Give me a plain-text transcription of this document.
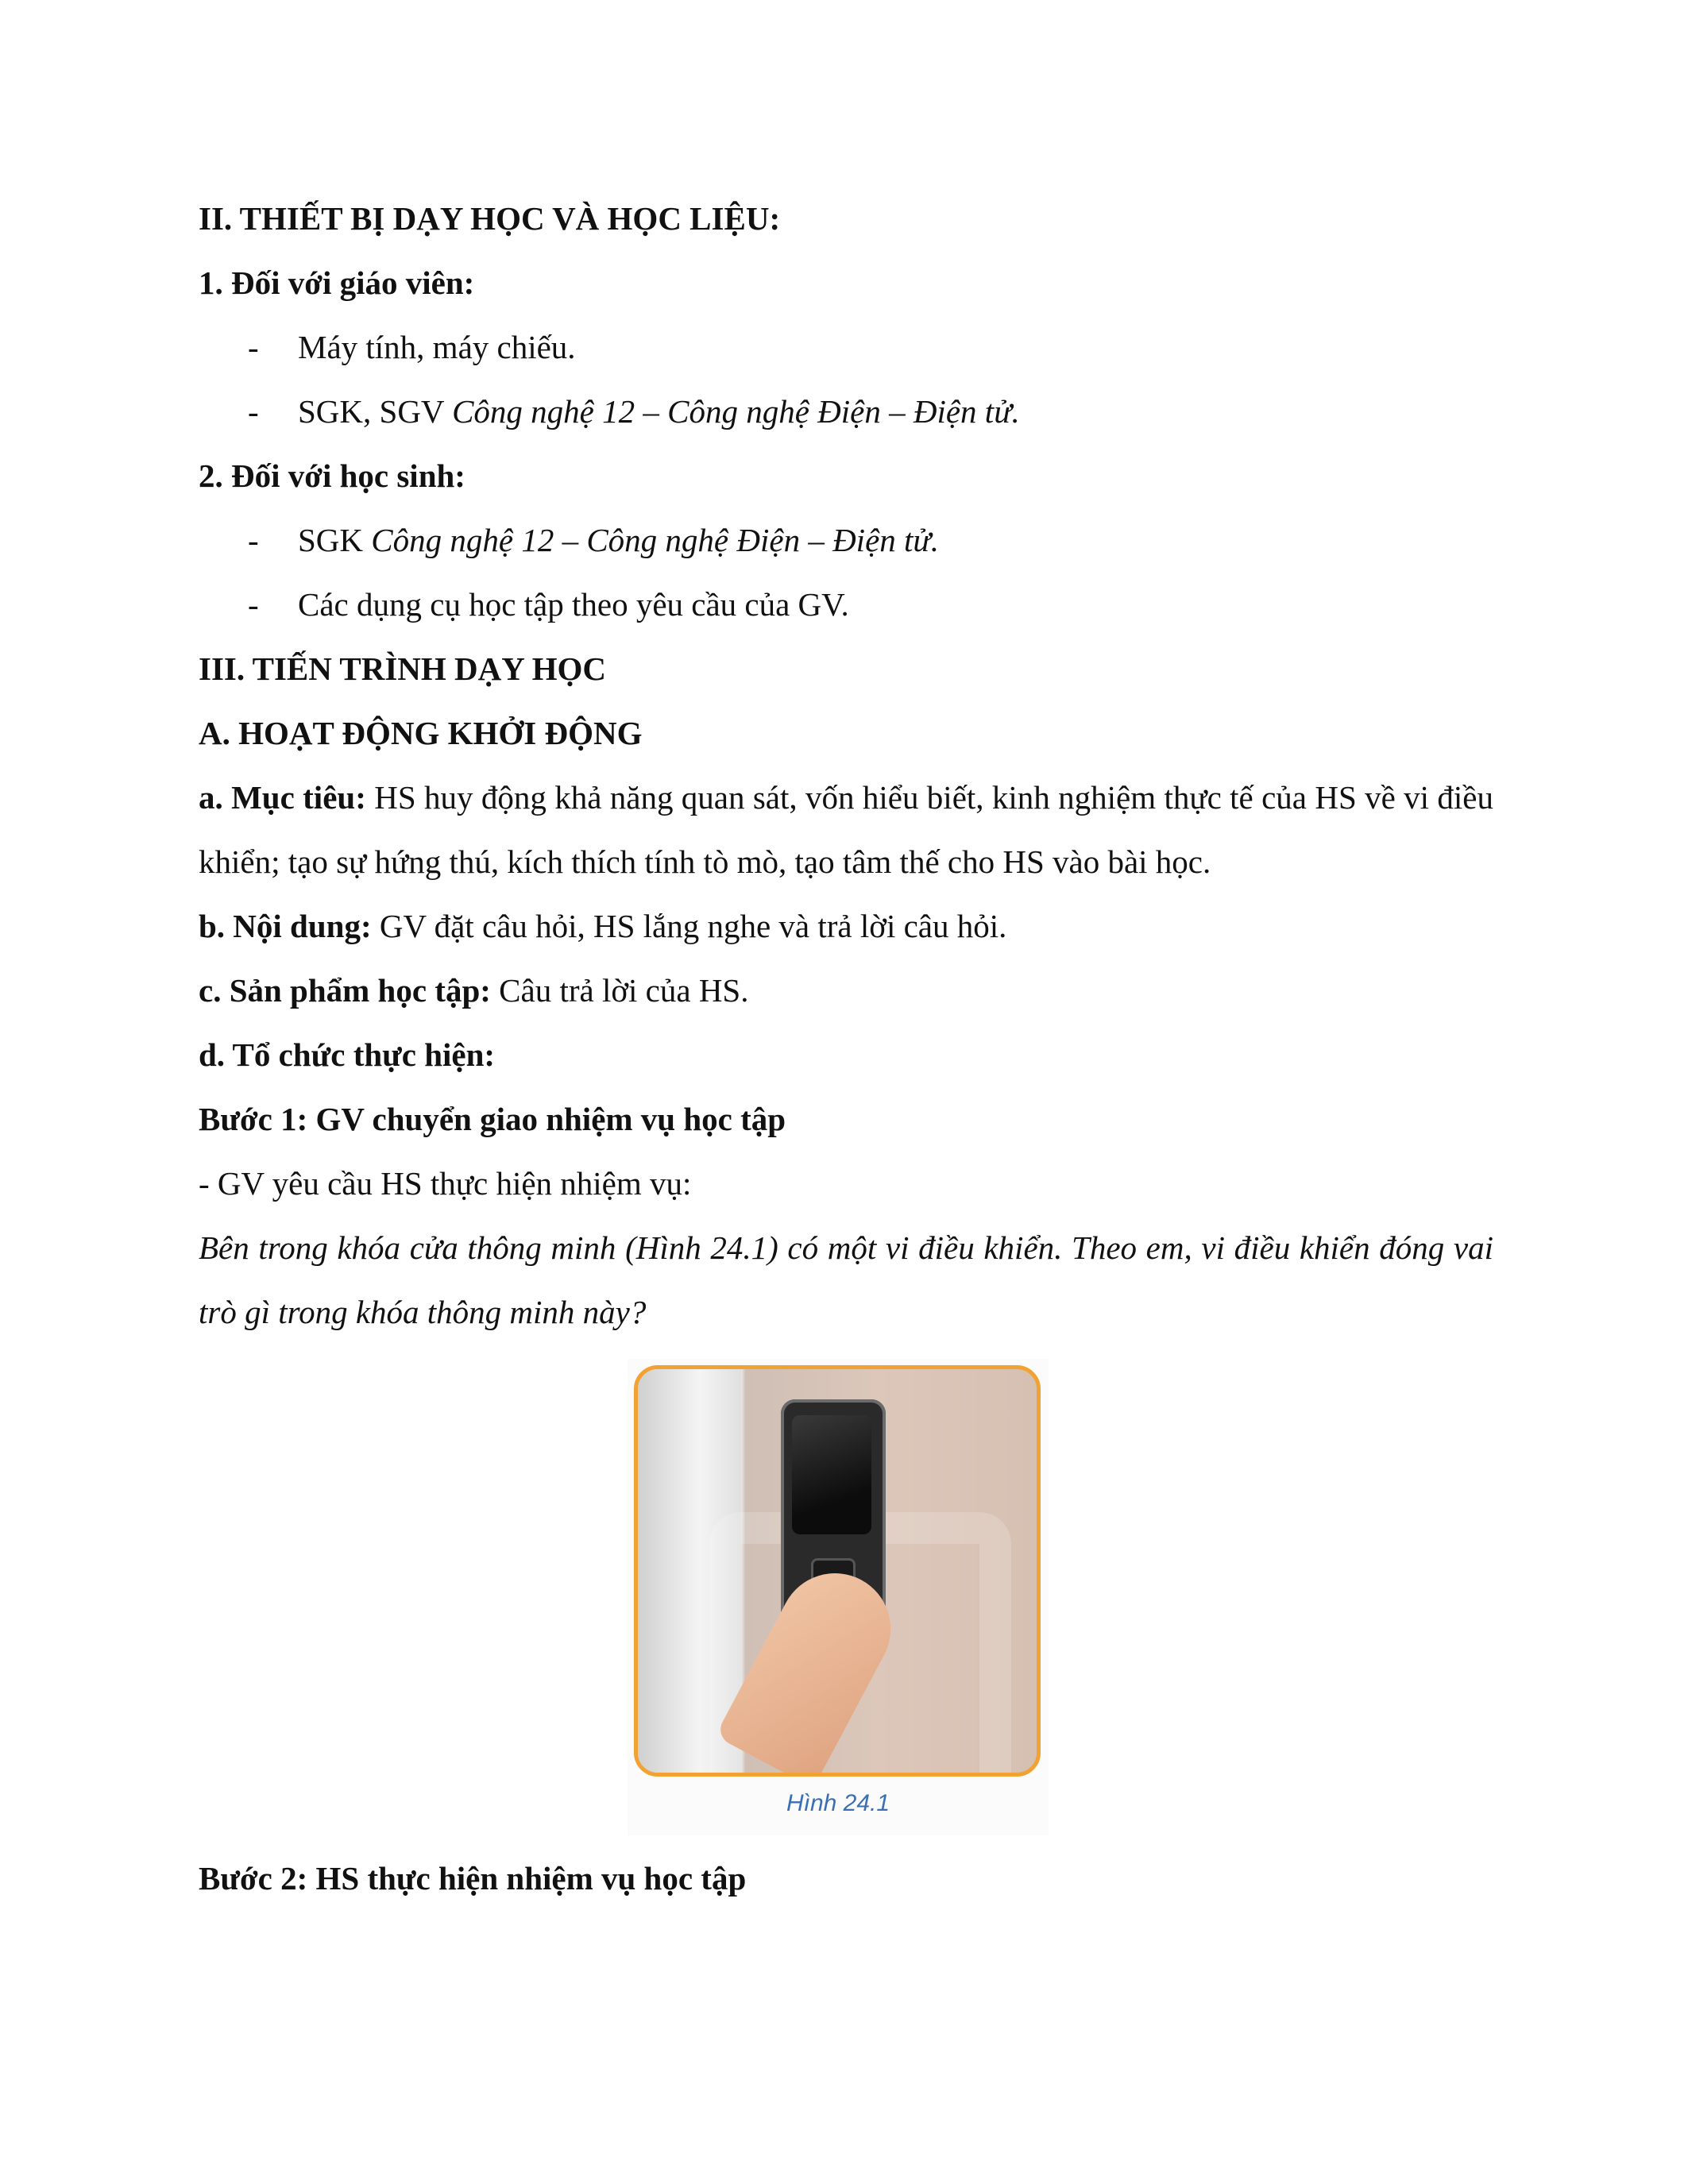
II. THIẾT BỊ DẠY HỌC VÀ HỌC LIỆU:
1. Đối với giáo viên:
- Máy tính, máy chiếu.
- SGK, SGV Công nghệ 12 – Công nghệ Điện – Điện tử.
2. Đối với học sinh:
- SGK Công nghệ 12 – Công nghệ Điện – Điện tử.
- Các dụng cụ học tập theo yêu cầu của GV.
III. TIẾN TRÌNH DẠY HỌC
A. HOẠT ĐỘNG KHỞI ĐỘNG
a. Mục tiêu: HS huy động khả năng quan sát, vốn hiểu biết, kinh nghiệm thực tế của HS về vi điều khiển; tạo sự hứng thú, kích thích tính tò mò, tạo tâm thế cho HS vào bài học.
b. Nội dung: GV đặt câu hỏi, HS lắng nghe và trả lời câu hỏi.
c. Sản phẩm học tập: Câu trả lời của HS.
d. Tổ chức thực hiện:
Bước 1: GV chuyển giao nhiệm vụ học tập
- GV yêu cầu HS thực hiện nhiệm vụ:
Bên trong khóa cửa thông minh (Hình 24.1) có một vi điều khiển. Theo em, vi điều khiển đóng vai trò gì trong khóa thông minh này?
Hình 24.1
Bước 2: HS thực hiện nhiệm vụ học tập
